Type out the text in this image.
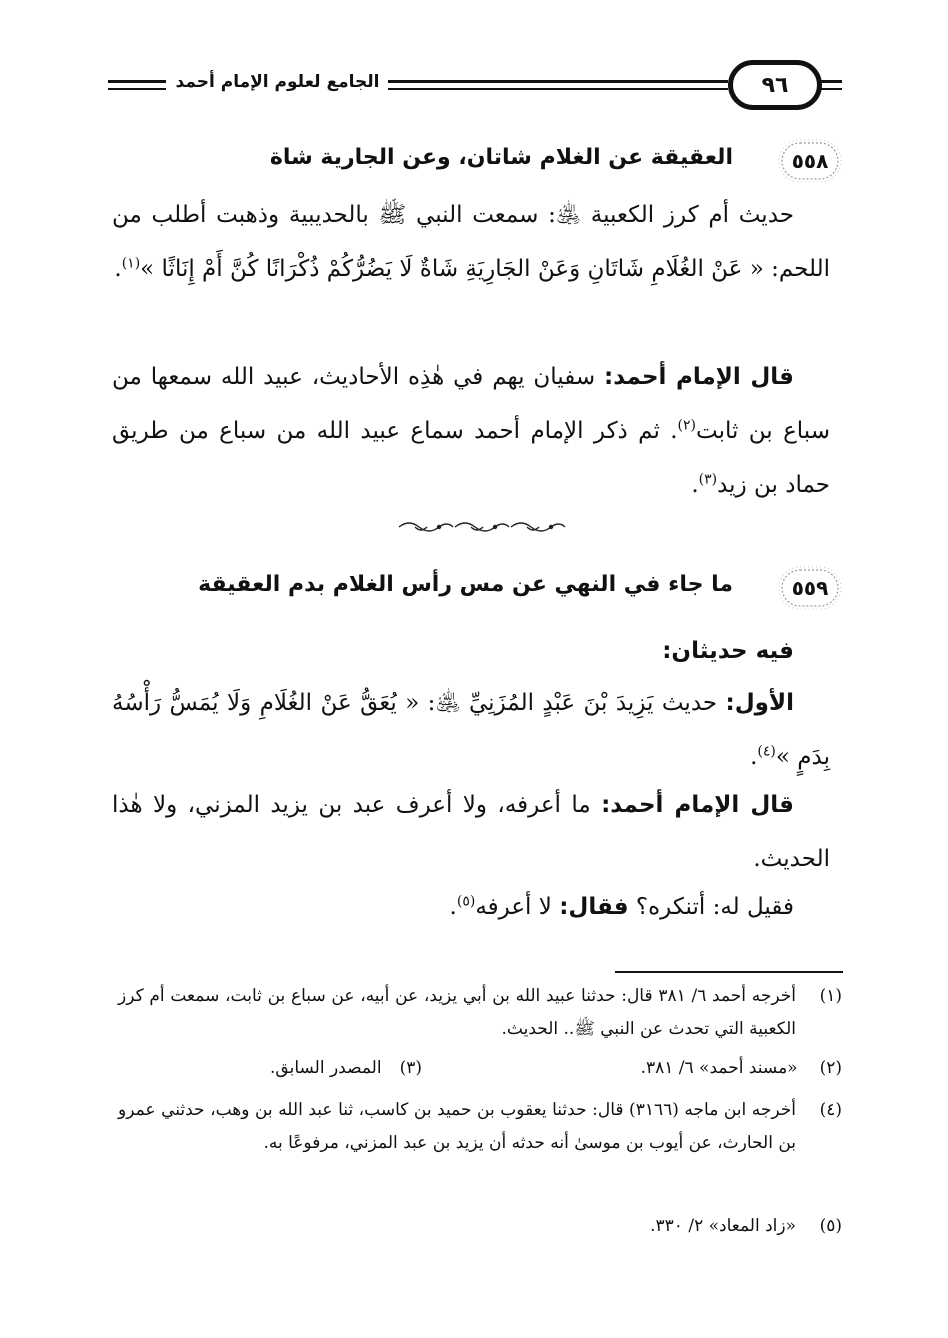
الجامع لعلوم الإمام أحمد	٩٦
٥٥٨
العقيقة عن الغلام شاتان، وعن الجارية شاة
حديث أم كرز الكعبية ﵁: سمعت النبي ﷺ بالحديبية وذهبت أطلب من اللحم: « عَنْ الغُلَامِ شَاتَانِ وَعَنْ الجَارِيَةِ شَاةٌ لَا يَضُرُّكُمْ ذُكْرَانًا كُنَّ أَمْ إِنَاثًا »$^{(١)}$.
قال الإمام أحمد: سفيان يهم في هٰذِه الأحاديث، عبيد الله سمعها من سباع بن ثابت$^{(٢)}$. ثم ذكر الإمام أحمد سماع عبيد الله من سباع من طريق حماد بن زيد$^{(٣)}$.
٥٥٩
ما جاء في النهي عن مس رأس الغلام بدم العقيقة
فيه حديثان:
الأول: حديث يَزِيدَ بْنَ عَبْدٍ المُزَنِيِّ ﵁: « يُعَقُّ عَنْ الغُلَامِ وَلَا يُمَسُّ رَأْسُهُ بِدَمٍ »$^{(٤)}$.
قال الإمام أحمد: ما أعرفه، ولا أعرف عبد بن يزيد المزني، ولا هٰذا الحديث.
فقيل له: أتنكره؟ فقال: لا أعرفه$^{(٥)}$.
(١)
أخرجه أحمد ٦/ ٣٨١ قال: حدثنا عبيد الله بن أبي يزيد، عن أبيه، عن سباع بن ثابت، سمعت أم كرز الكعبية التي تحدث عن النبي ﷺ.. الحديث.
(٢)«مسند أحمد» ٦/ ٣٨١.
(٣)المصدر السابق.
(٤)
أخرجه ابن ماجه (٣١٦٦) قال: حدثنا يعقوب بن حميد بن كاسب، ثنا عبد الله بن وهب، حدثني عمرو بن الحارث، عن أيوب بن موسىٰ أنه حدثه أن يزيد بن عبد المزني، مرفوعًا به.
(٥)
«زاد المعاد» ٢/ ٣٣٠.
